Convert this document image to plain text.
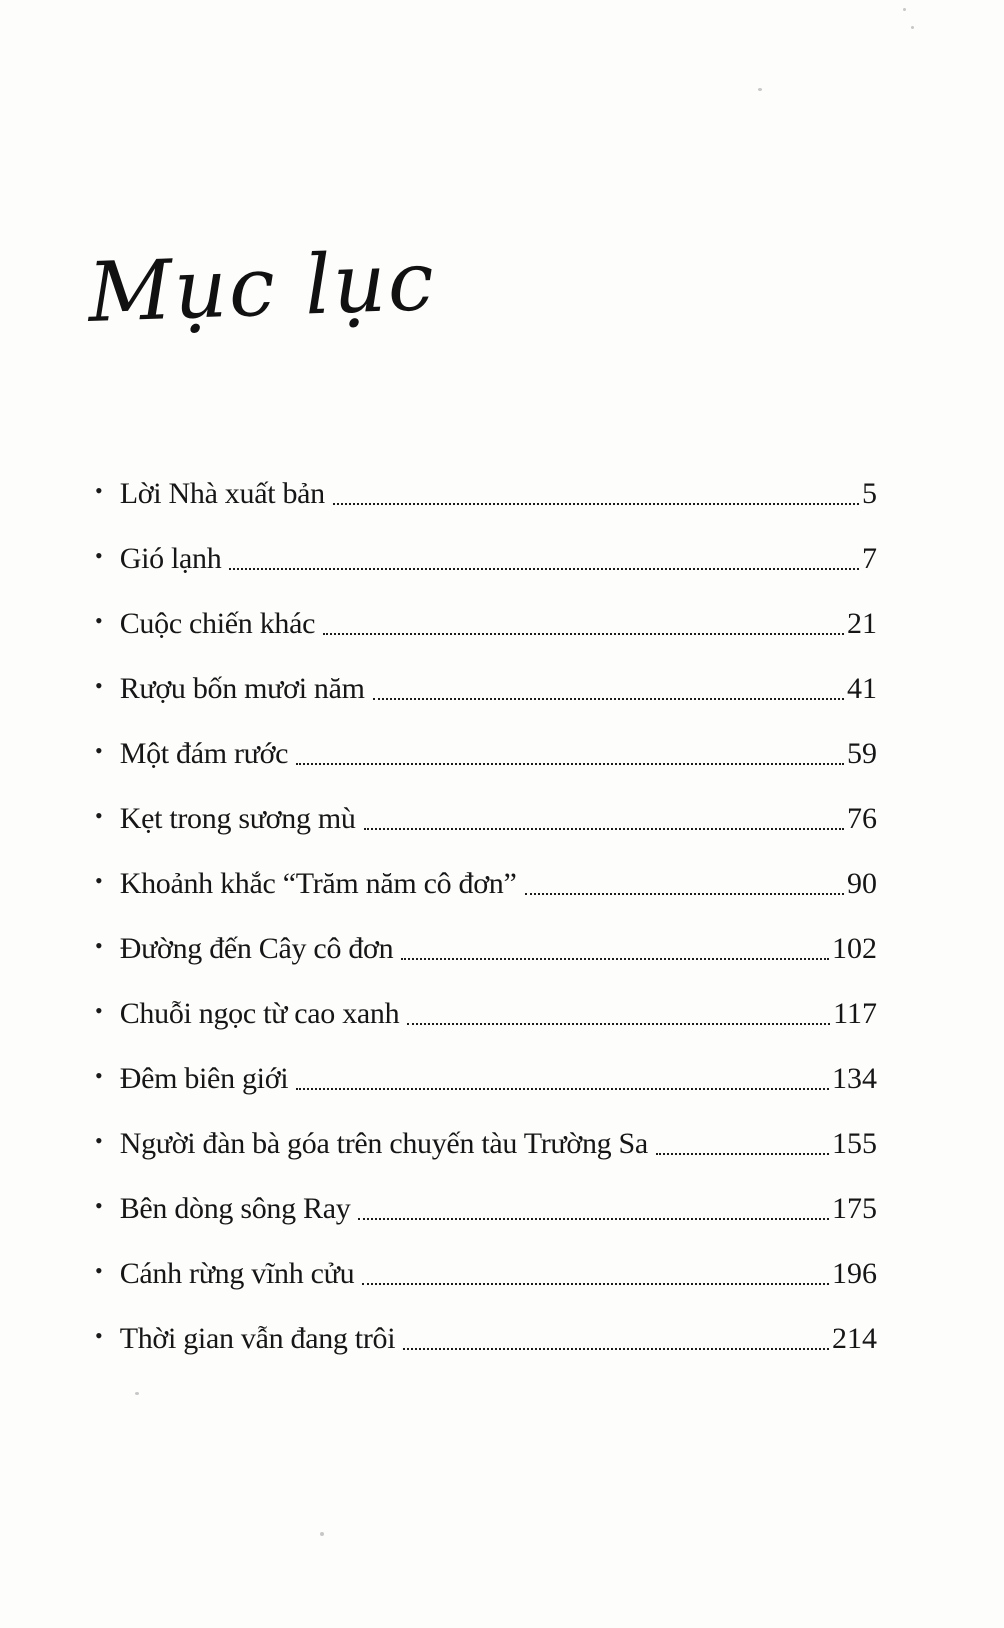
Mục lục
• Lời Nhà xuất bản	5
• Gió lạnh	7
• Cuộc chiến khác	21
• Rượu bốn mươi năm	41
• Một đám rước	59
• Kẹt trong sương mù	76
• Khoảnh khắc “Trăm năm cô đơn”	90
• Đường đến Cây cô đơn	102
• Chuỗi ngọc từ cao xanh	117
• Đêm biên giới	134
• Người đàn bà góa trên chuyến tàu Trường Sa	155
• Bên dòng sông Ray	175
• Cánh rừng vĩnh cửu	196
• Thời gian vẫn đang trôi	214
